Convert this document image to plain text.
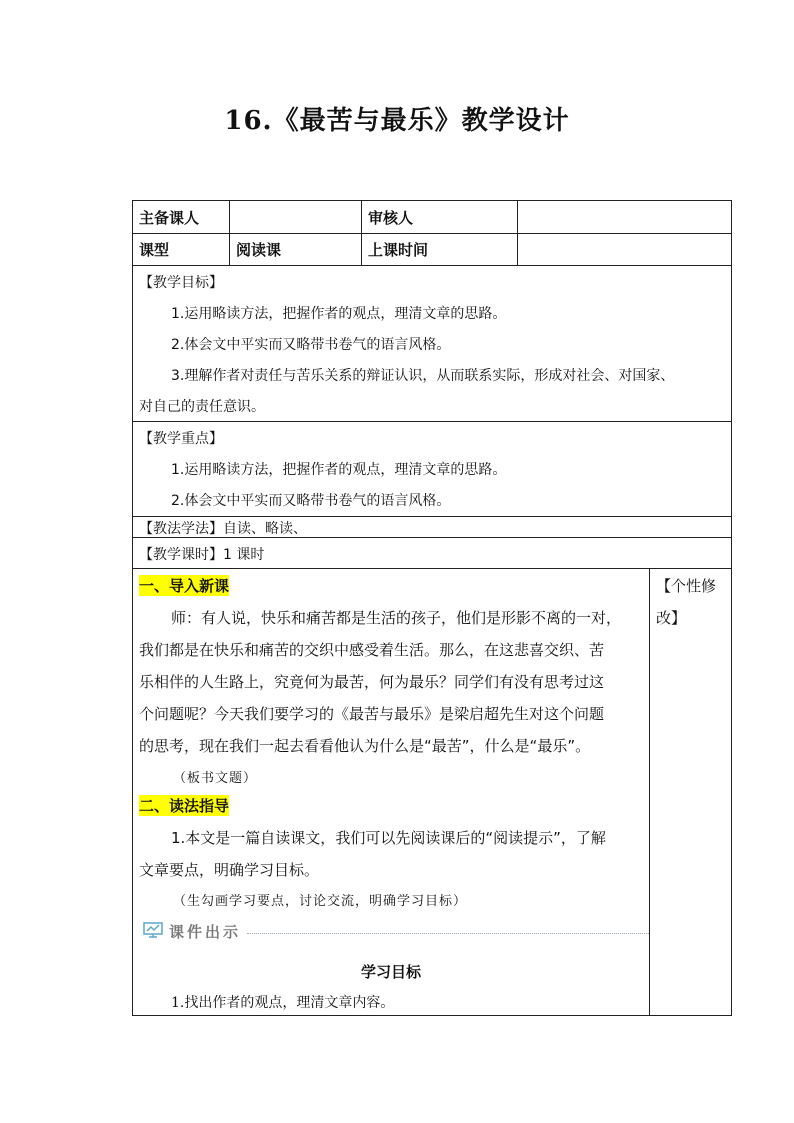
16.《最苦与最乐》教学设计
主备课人	审核人
课型	阅读课	上课时间
【教学目标】
1.运用略读方法，把握作者的观点，理清文章的思路。
2.体会文中平实而又略带书卷气的语言风格。
3.理解作者对责任与苦乐关系的辩证认识，从而联系实际，形成对社会、对国家、
对自己的责任意识。
【教学重点】
1.运用略读方法，把握作者的观点，理清文章的思路。
2.体会文中平实而又略带书卷气的语言风格。
【教法学法】自读、略读、
【教学课时】1 课时
一、导入新课
师：有人说，快乐和痛苦都是生活的孩子，他们是形影不离的一对，
我们都是在快乐和痛苦的交织中感受着生活。那么，在这悲喜交织、苦
乐相伴的人生路上，究竟何为最苦，何为最乐？同学们有没有思考过这
个问题呢？今天我们要学习的《最苦与最乐》是梁启超先生对这个问题
的思考，现在我们一起去看看他认为什么是“最苦”，什么是“最乐”。
（板书文题）
二、读法指导
1.本文是一篇自读课文，我们可以先阅读课后的“阅读提示”，了解
文章要点，明确学习目标。
（生勾画学习要点，讨论交流，明确学习目标）
课件出示
学习目标
1.找出作者的观点，理清文章内容。
【个性修
改】
